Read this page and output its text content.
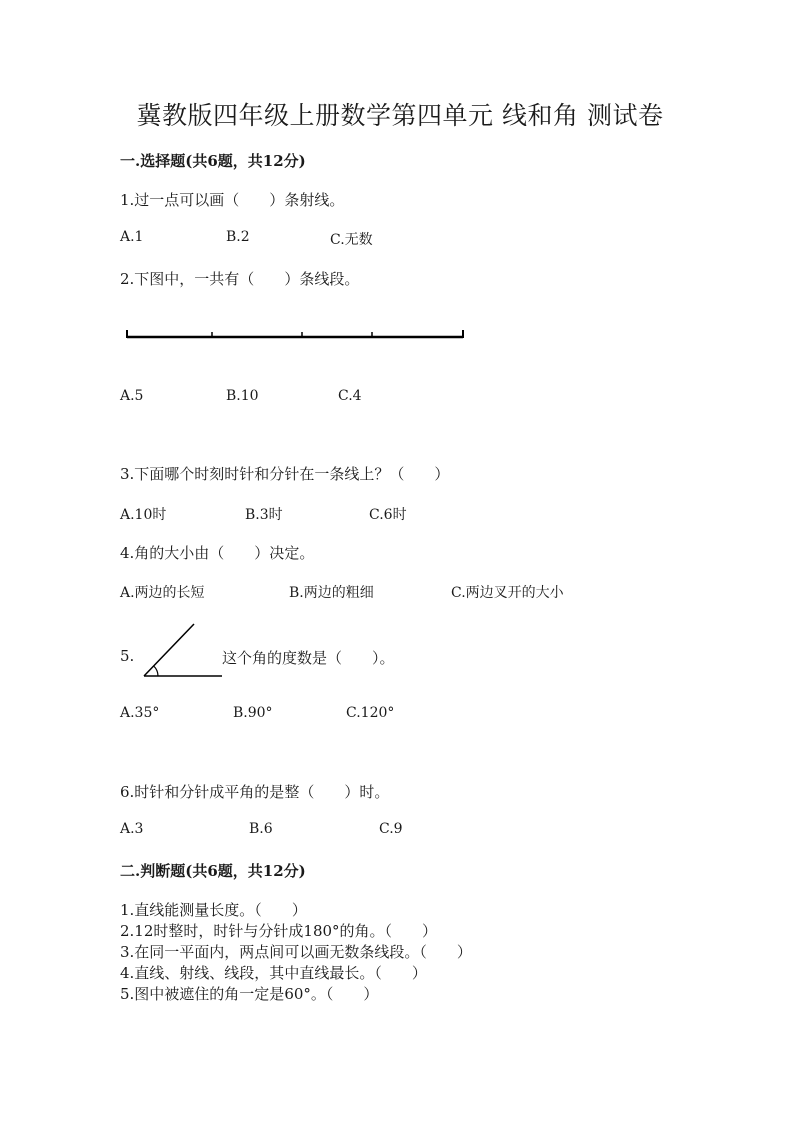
冀教版四年级上册数学第四单元 线和角 测试卷
一.选择题(共6题，共12分)
1.过一点可以画（　　）条射线。
A.1	B.2	C.无数
2.下图中，一共有（　　）条线段。
A.5	B.10	C.4
3.下面哪个时刻时针和分针在一条线上？（　　）
A.10时	B.3时	C.6时
4.角的大小由（　　）决定。
A.两边的长短	B.两边的粗细	C.两边叉开的大小
5.	这个角的度数是（　　）。
A.35°	B.90°	C.120°
6.时针和分针成平角的是整（　　）时。
A.3	B.6	C.9
二.判断题(共6题，共12分)
1.直线能测量长度。（　　）
2.12时整时，时针与分针成180°的角。（　　）
3.在同一平面内，两点间可以画无数条线段。（　　）
4.直线、射线、线段，其中直线最长。（　　）
5.图中被遮住的角一定是60°。（　　）
